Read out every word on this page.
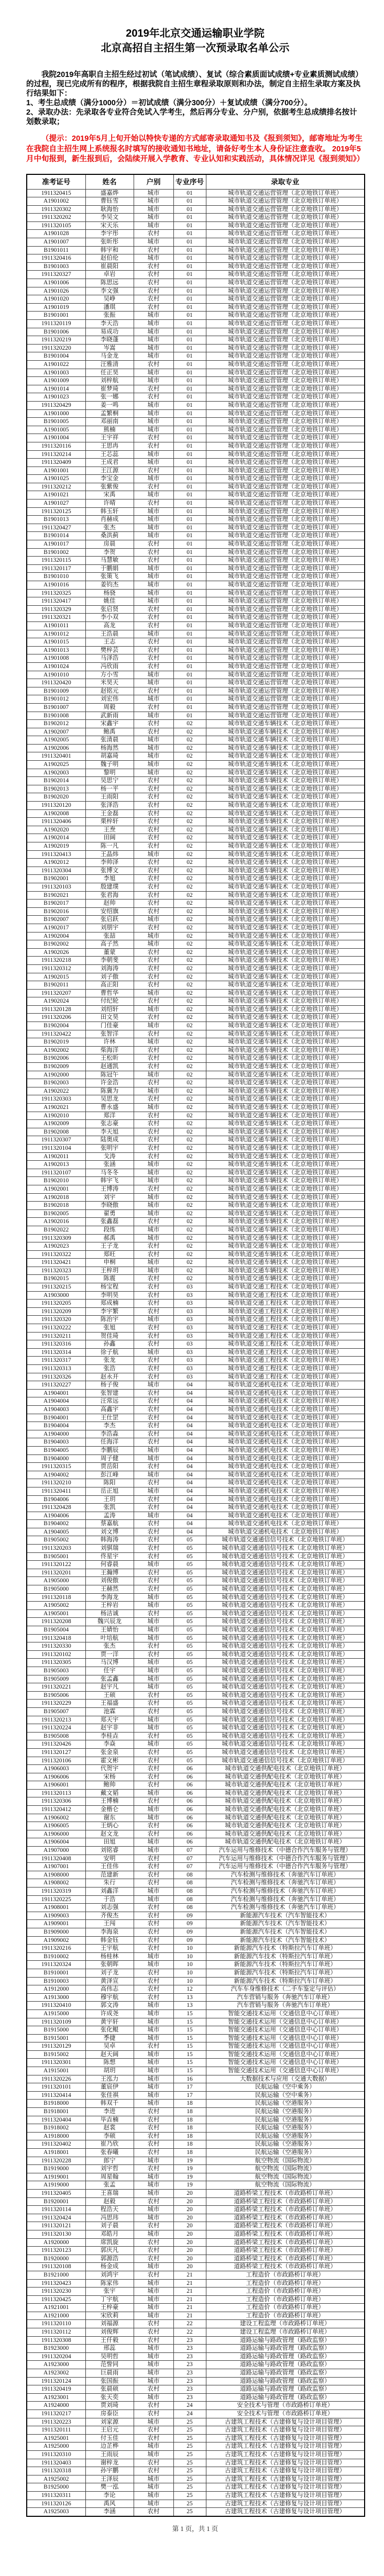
2019年北京交通运输职业学院
北京高招自主招生第一次预录取名单公示

我院2019年高职自主招生经过初试（笔试成绩）、复试（综合素质面试成绩+专业素质测试成绩）的过程，现已完成所有的程序，根据我院自主招生章程录取原则和办法，制定自主招生录取方案及执行结果如下：

1、考生总成绩（满分1000分）＝初试成绩（满分300分）＋复试成绩（满分700分）。

2、录取办法：先录取各专业符合免试入学考生，然后再分专业、分户别，依据考生总成绩排名按计划数录取；

（提示：2019年5月上旬开始以特快专递的方式邮寄录取通知书及《报到须知》，邮寄地址为考生在我院自主招生网上系统报名时填写的接收通知书地址，请备好考生本人身份证注意查收。 2019年5月中旬报到，新生报到后，会陆续开展入学教育、专业认知和实践活动，具体情况详见《报到须知》）

准考证号	姓名	户别	专业序号	录取专业
1911320415	盛嘉烨	城市	01	城市轨道交通运营管理（北京地铁订单班）
A1901002	曹钰雪	城市	01	城市轨道交通运营管理（北京地铁订单班）
1911320302	耿海怡	城市	01	城市轨道交通运营管理（北京地铁订单班）
1911320202	李吴文	城市	01	城市轨道交通运营管理（北京地铁订单班）
1911320105	宋天乐	城市	01	城市轨道交通运营管理（北京地铁订单班）
A1901028	李宇彤	农村	01	城市轨道交通运营管理（北京地铁订单班）
A1901007	张昕彤	城市	01	城市轨道交通运营管理（北京地铁订单班）
B1901011	韩宇和	农村	01	城市轨道交通运营管理（北京地铁订单班）
1911320416	赵伯伦	城市	01	城市轨道交通运营管理（北京地铁订单班）
B1901003	崔晨阳	农村	01	城市轨道交通运营管理（北京地铁订单班）
1911320327	卓岩	农村	01	城市轨道交通运营管理（北京地铁订单班）
A1901006	陈思远	农村	01	城市轨道交通运营管理（北京地铁订单班）
A1901026	李文强	农村	01	城市轨道交通运营管理（北京地铁订单班）
A1901020	吴峥	农村	01	城市轨道交通运营管理（北京地铁订单班）
A1901019	潘琪	农村	01	城市轨道交通运营管理（北京地铁订单班）
B1901001	张振	城市	01	城市轨道交通运营管理（北京地铁订单班）
1911320119	李天浩	城市	01	城市轨道交通运营管理（北京地铁订单班）
B1901006	易成功	城市	01	城市轨道交通运营管理（北京地铁订单班）
1911320219	李晓蓬	城市	01	城市轨道交通运营管理（北京地铁订单班）
1911320220	岑嵩	城市	01	城市轨道交通运营管理（北京地铁订单班）
B1901004	马金龙	城市	01	城市轨道交通运营管理（北京地铁订单班）
A1901022	汪雅清	农村	01	城市轨道交通运营管理（北京地铁订单班）
A1901003	任正昊	城市	01	城市轨道交通运营管理（北京地铁订单班）
A1901009	刘梓航	城市	01	城市轨道交通运营管理（北京地铁订单班）
A1901014	崔梦琦	农村	01	城市轨道交通运营管理（北京地铁订单班）
A1901023	张一娜	农村	01	城市轨道交通运营管理（北京地铁订单班）
1911320429	姜一鸣	城市	01	城市轨道交通运营管理（北京地铁订单班）
A1901000	孟繁桐	城市	01	城市轨道交通运营管理（北京地铁订单班）
B1901005	邓丽南	城市	01	城市轨道交通运营管理（北京地铁订单班）
A1901005	熊楠	城市	01	城市轨道交通运营管理（北京地铁订单班）
A1901004	王宇祥	农村	01	城市轨道交通运营管理（北京地铁订单班）
1911320116	王思冉	农村	01	城市轨道交通运营管理（北京地铁订单班）
1911320214	王芯蕊	城市	01	城市轨道交通运营管理（北京地铁订单班）
1911320409	王成君	城市	01	城市轨道交通运营管理（北京地铁订单班）
A1901001	王江源	农村	01	城市轨道交通运营管理（北京地铁订单班）
A1901025	李宝金	城市	01	城市轨道交通运营管理（北京地铁订单班）
1911320212	张紫俊	农村	01	城市轨道交通运营管理（北京地铁订单班）
A1901021	宋禹	城市	01	城市轨道交通运营管理（北京地铁订单班）
A1901027	许晴	农村	01	城市轨道交通运营管理（北京地铁订单班）
1911320125	韩玉轩	城市	01	城市轨道交通运营管理（北京地铁订单班）
B1901013	肖赫成	城市	01	城市轨道交通运营管理（北京地铁订单班）
1911320427	张杰	城市	01	城市轨道交通运营管理（北京地铁订单班）
B1901014	桑洪蓟	城市	01	城市轨道交通运营管理（北京地铁订单班）
A1901017	房晨	农村	01	城市轨道交通运营管理（北京地铁订单班）
B1901002	李贺	农村	01	城市轨道交通运营管理（北京地铁订单班）
1911320115	马慧敏	农村	01	城市轨道交通运营管理（北京地铁订单班）
1911320117	于鹏娟	城市	01	城市轨道交通运营管理（北京地铁订单班）
B1901010	张策飞	城市	01	城市轨道交通运营管理（北京地铁订单班）
A1901016	姜钧杰	城市	01	城市轨道交通运营管理（北京地铁订单班）
1911320325	杨骁	城市	01	城市轨道交通运营管理（北京地铁订单班）
1911320417	姚佳	城市	01	城市轨道交通运营管理（北京地铁订单班）
1911320329	张启贤	农村	01	城市轨道交通运营管理（北京地铁订单班）
1911320321	李小双	农村	01	城市轨道交通运营管理（北京地铁订单班）
A1901011	高龙	农村	01	城市轨道交通运营管理（北京地铁订单班）
A1901012	王浩晨	城市	01	城市轨道交通运营管理（北京地铁订单班）
A1901015	王志	农村	01	城市轨道交通运营管理（北京地铁订单班）
A1901013	樊梓芸	农村	01	城市轨道交通运营管理（北京地铁订单班）
A1901008	马泽浩	农村	01	城市轨道交通运营管理（北京地铁订单班）
A1901024	冯欣雨	农村	01	城市轨道交通运营管理（北京地铁订单班）
A1901010	方小雪	城市	01	城市轨道交通运营管理（北京地铁订单班）
1911320420	米昊天	城市	01	城市轨道交通运营管理（北京地铁订单班）
B1901009	赵铭元	农村	01	城市轨道交通运营管理（北京地铁订单班）
B1901012	刘宏伟	城市	01	城市轨道交通运营管理（北京地铁订单班）
B1901007	周毅	农村	01	城市轨道交通运营管理（北京地铁订单班）
B1901008	武新雨	城市	01	城市轨道交通运营管理（北京地铁订单班）
B1902012	宋鑫宇	农村	02	城市轨道交通车辆技术（北京地铁订单班）
A1902007	鲍禹	农村	02	城市轨道交通车辆技术（北京地铁订单班）
A1902005	张清晨	城市	02	城市轨道交通车辆技术（北京地铁订单班）
A1902006	杨海然	城市	02	城市轨道交通车辆技术（北京地铁订单班）
1911320401	胡嘉琦	城市	02	城市轨道交通车辆技术（北京地铁订单班）
A1902025	魏子明	城市	02	城市轨道交通车辆技术（北京地铁订单班）
A1902003	黎明	城市	02	城市轨道交通车辆技术（北京地铁订单班）
B1902014	吴思宁	农村	02	城市轨道交通车辆技术（北京地铁订单班）
B1902013	杨一平	农村	02	城市轨道交通车辆技术（北京地铁订单班）
B1902020	王雨阳	农村	02	城市轨道交通车辆技术（北京地铁订单班）
1911320120	张泽浩	农村	02	城市轨道交通车辆技术（北京地铁订单班）
A1902008	王金磊	农村	02	城市轨道交通车辆技术（北京地铁订单班）
1911320406	栗梓轩	农村	02	城市轨道交通车辆技术（北京地铁订单班）
A1902020	王焘	农村	02	城市轨道交通车辆技术（北京地铁订单班）
A1902014	田阔	农村	02	城市轨道交通车辆技术（北京地铁订单班）
A1902019	陈一凡	农村	02	城市轨道交通车辆技术（北京地铁订单班）
1911320413	王晶炜	城市	02	城市轨道交通车辆技术（北京地铁订单班）
A1902012	李帅泽	农村	02	城市轨道交通车辆技术（北京地铁订单班）
1911320304	张博文	农村	02	城市轨道交通车辆技术（北京地铁订单班）
B1902001	李旭	农村	02	城市轨道交通车辆技术（北京地铁订单班）
1911320103	殷建璞	农村	02	城市轨道交通车辆技术（北京地铁订单班）
B1902021	张君海	农村	02	城市轨道交通车辆技术（北京地铁订单班）
B1902017	赵帅	农村	02	城市轨道交通车辆技术（北京地铁订单班）
B1902016	安绍旗	农村	02	城市轨道交通车辆技术（北京地铁订单班）
B1902007	张启跃	城市	02	城市轨道交通车辆技术（北京地铁订单班）
A1902017	刘朋宇	农村	02	城市轨道交通车辆技术（北京地铁订单班）
A1902004	张喆	城市	02	城市轨道交通车辆技术（北京地铁订单班）
B1902002	高子然	城市	02	城市轨道交通车辆技术（北京地铁订单班）
A1902026	董蒙	农村	02	城市轨道交通车辆技术（北京地铁订单班）
1911320218	李朝斐	农村	02	城市轨道交通车辆技术（北京地铁订单班）
1911320312	刘海涛	农村	02	城市轨道交通车辆技术（北京地铁订单班）
A1902015	刘子傲	农村	02	城市轨道交通车辆技术（北京地铁订单班）
B1902011	高正阳	农村	02	城市轨道交通车辆技术（北京地铁订单班）
1911320207	曹哲华	城市	02	城市轨道交通车辆技术（北京地铁订单班）
A1902024	付纪轮	农村	02	城市轨道交通车辆技术（北京地铁订单班）
1911320128	刘绍轩	城市	02	城市轨道交通车辆技术（北京地铁订单班）
1911320206	田文昊	农村	02	城市轨道交通车辆技术（北京地铁订单班）
B1902004	门佳豪	城市	02	城市轨道交通车辆技术（北京地铁订单班）
1911320422	张智洋	农村	02	城市轨道交通车辆技术（北京地铁订单班）
B1902019	许林	城市	02	城市轨道交通车辆技术（北京地铁订单班）
A1902002	柴海洋	农村	02	城市轨道交通车辆技术（北京地铁订单班）
B1902006	王松昕	农村	02	城市轨道交通车辆技术（北京地铁订单班）
B1902009	赵通凯	农村	02	城市轨道交通车辆技术（北京地铁订单班）
A1902000	陈冠午	城市	02	城市轨道交通车辆技术（北京地铁订单班）
B1902003	许金浩	农村	02	城市轨道交通车辆技术（北京地铁订单班）
A1902022	陈冀为	城市	02	城市轨道交通车辆技术（北京地铁订单班）
1911320303	吴思龙	农村	02	城市轨道交通车辆技术（北京地铁订单班）
A1902021	曹永盛	城市	02	城市轨道交通车辆技术（北京地铁订单班）
A1902010	郑洋	农村	02	城市轨道交通车辆技术（北京地铁订单班）
A1902009	张志豪	农村	02	城市轨道交通车辆技术（北京地铁订单班）
B1902008	李天旭	农村	02	城市轨道交通车辆技术（北京地铁订单班）
1911320307	陆奥成	农村	02	城市轨道交通车辆技术（北京地铁订单班）
1911320104	张明宇	农村	02	城市轨道交通车辆技术（北京地铁订单班）
A1902011	戈涛	农村	02	城市轨道交通车辆技术（北京地铁订单班）
A1902013	张涵	城市	02	城市轨道交通车辆技术（北京地铁订单班）
1911320107	马冬冬	城市	02	城市轨道交通车辆技术（北京地铁订单班）
B1902010	韩宇飞	城市	02	城市轨道交通车辆技术（北京地铁订单班）
A1902001	王博涛	农村	02	城市轨道交通车辆技术（北京地铁订单班）
A1902018	刘宇	城市	02	城市轨道交通车辆技术（北京地铁订单班）
B1902018	李晓傲	城市	02	城市轨道交通车辆技术（北京地铁订单班）
B1902005	翟勇	城市	02	城市轨道交通车辆技术（北京地铁订单班）
A1902016	张鑫磊	农村	02	城市轨道交通车辆技术（北京地铁订单班）
B1902022	段练	城市	02	城市轨道交通车辆技术（北京地铁订单班）
1911320309	郝禹	城市	02	城市轨道交通车辆技术（北京地铁订单班）
A1902023	王子龙	农村	02	城市轨道交通车辆技术（北京地铁订单班）
1911320322	郑旺	农村	02	城市轨道交通车辆技术（北京地铁订单班）
1911320421	申桐	城市	02	城市轨道交通车辆技术（北京地铁订单班）
1911320323	王梓玥	城市	02	城市轨道交通车辆技术（北京地铁订单班）
B1902015	陈震	农村	02	城市轨道交通车辆技术（北京地铁订单班）
1911320215	杨宝程	农村	03	城市轨道交通工程技术（北京地铁订单班）
A1903000	李明昊	农村	03	城市轨道交通工程技术（北京地铁订单班）
1911320205	郑成楠	农村	03	城市轨道交通工程技术（北京地铁订单班）
1911320209	李宇繁	农村	03	城市轨道交通工程技术（北京地铁订单班）
1911320320	陈治宇	城市	03	城市轨道交通工程技术（北京地铁订单班）
1911320222	张旭	农村	03	城市轨道交通工程技术（北京地铁订单班）
1911320211	贺佳琦	农村	03	城市轨道交通工程技术（北京地铁订单班）
1911320316	孙鑫	农村	03	城市轨道交通工程技术（北京地铁订单班）
1911320314	徐子航	城市	03	城市轨道交通工程技术（北京地铁订单班）
1911320317	张龙	农村	03	城市轨道交通工程技术（北京地铁订单班）
1911320313	张浩	农村	03	城市轨道交通工程技术（北京地铁订单班）
1911320326	赵永开	农村	03	城市轨道交通工程技术（北京地铁订单班）
1911320227	杨子俊	城市	04	城市轨道交通机电技术（北京地铁订单班）
A1904001	张智建	农村	04	城市轨道交通机电技术（北京地铁订单班）
A1904004	汪常远	农村	04	城市轨道交通机电技术（北京地铁订单班）
A1904003	高鑫宇	农村	04	城市轨道交通机电技术（北京地铁订单班）
B1904001	王仕罡	农村	04	城市轨道交通机电技术（北京地铁订单班）
B1904004	李杰	农村	04	城市轨道交通机电技术（北京地铁订单班）
A1904000	李浩淼	农村	04	城市轨道交通机电技术（北京地铁订单班）
B1904003	任海洋	农村	04	城市轨道交通机电技术（北京地铁订单班）
B1904005	李鹏辰	城市	04	城市轨道交通机电技术（北京地铁订单班）
B1904000	周子健	城市	04	城市轨道交通机电技术（北京地铁订单班）
1911320315	贾岳阳	农村	04	城市轨道交通机电技术（北京地铁订单班）
A1904002	彭江峰	城市	04	城市轨道交通机电技术（北京地铁订单班）
1911320210	陈阳	农村	04	城市轨道交通机电技术（北京地铁订单班）
1911320411	岳正旭	城市	04	城市轨道交通机电技术（北京地铁订单班）
B1904006	王玥	农村	04	城市轨道交通机电技术（北京地铁订单班）
1911320428	张凯	农村	04	城市轨道交通机电技术（北京地铁订单班）
A1904006	孟涛	城市	04	城市轨道交通机电技术（北京地铁订单班）
B1904002	蔡嘉航	农村	04	城市轨道交通机电技术（北京地铁订单班）
A1904005	刘文博	农村	04	城市轨道交通机电技术（北京地铁订单班）
B1905002	韩海涛	农村	05	城市轨道交通通信信号技术（北京地铁订单班）
1911320203	刘骐瑞	农村	05	城市轨道交通通信信号技术（北京地铁订单班）
B1905001	佟星宇	农村	05	城市轨道交通通信信号技术（北京地铁订单班）
1911320122	何睿晨	城市	05	城市轨道交通通信信号技术（北京地铁订单班）
1911320201	王瀚博	农村	05	城市轨道交通通信信号技术（北京地铁订单班）
A1905000	刘俊傲	农村	05	城市轨道交通通信信号技术（北京地铁订单班）
B1905000	王赫然	农村	05	城市轨道交通通信信号技术（北京地铁订单班）
1911320118	李海龙	城市	05	城市轨道交通通信信号技术（北京地铁订单班）
A1905002	王梓岩	城市	05	城市轨道交通通信信号技术（北京地铁订单班）
A1905001	杨洁诚	农村	05	城市轨道交通通信信号技术（北京地铁订单班）
1911320208	魏兴辰龙	城市	05	城市轨道交通通信信号技术（北京地铁订单班）
B1905004	王婧怡	城市	05	城市轨道交通通信信号技术（北京地铁订单班）
1911320418	叶培航	城市	05	城市轨道交通通信信号技术（北京地铁订单班）
1911320330	张杰	农村	05	城市轨道交通通信信号技术（北京地铁订单班）
1911320102	贾一洋	农村	05	城市轨道交通通信信号技术（北京地铁订单班）
1911320305	马汉博	城市	05	城市轨道交通通信信号技术（北京地铁订单班）
B1905003	任宇	城市	05	城市轨道交通通信信号技术（北京地铁订单班）
B1905009	张孟鑫	城市	05	城市轨道交通通信信号技术（北京地铁订单班）
1911320221	赵宇凡	城市	05	城市轨道交通通信信号技术（北京地铁订单班）
B1905006	王硕	农村	05	城市轨道交通通信信号技术（北京地铁订单班）
1911320229	王福盛	农村	05	城市轨道交通通信信号技术（北京地铁订单班）
B1905007	池霖	农村	05	城市轨道交通通信信号技术（北京地铁订单班）
1911320213	郑天宇	城市	05	城市轨道交通通信信号技术（北京地铁订单班）
1911320224	赵宇非	城市	05	城市轨道交通通信信号技术（北京地铁订单班）
B1905008	李桂垚	农村	05	城市轨道交通通信信号技术（北京地铁订单班）
1911320426	李焱	城市	05	城市轨道交通通信信号技术（北京地铁订单班）
1911320127	张金泉	农村	05	城市轨道交通通信信号技术（北京地铁订单班）
1911320106	霍文彬	农村	05	城市轨道交通通信信号技术（北京地铁订单班）
A1906003	代贺宇	农村	06	城市轨道交通供配电技术（北京地铁订单班）
A1906006	宋杨	农村	06	城市轨道交通供配电技术（北京地铁订单班）
A1906001	鲍帅	农村	06	城市轨道交通供配电技术（北京地铁订单班）
1911320113	戴文韬	城市	06	城市轨道交通供配电技术（北京地铁订单班）
1911320306	王博楠	农村	06	城市轨道交通供配电技术（北京地铁订单班）
1911320412	金楷仑	城市	06	城市轨道交通供配电技术（北京地铁订单班）
A1906002	谢东	城市	06	城市轨道交通供配电技术（北京地铁订单班）
A1906005	王炳心	农村	06	城市轨道交通供配电技术（北京地铁订单班）
A1906000	赵文龙	农村	06	城市轨道交通供配电技术（北京地铁订单班）
A1906004	田旭	城市	06	城市轨道交通供配电技术（北京地铁订单班）
A1907000	刘铭睿	城市	07	汽车运用与维修技术（中德合作汽车服务与管理）
1911320408	安明	农村	07	汽车运用与维修技术（中德合作汽车服务与管理）
A1907001	王佳伟	农村	07	汽车运用与维修技术（中德合作汽车服务与管理）
A1908000	范建新	农村	08	汽车检测与维修技术（奔驰汽车订单班）
A1908002	朱行	农村	08	汽车检测与维修技术（奔驰汽车订单班）
1911320319	刘鑫洋	城市	08	汽车检测与维修技术（奔驰汽车订单班）
1911320225	于浩	城市	08	汽车检测与维修技术（奔驰汽车订单班）
A1908001	刘志强	农村	08	汽车检测与维修技术（奔驰汽车订单班）
A1909003	齐俊杰	农村	09	新能源汽车技术（汽车智能技术）
A1909001	王闯	农村	09	新能源汽车技术（汽车智能技术）
B1909000	李海泉	农村	09	新能源汽车技术（汽车智能技术）
A1909002	韩金钰	农村	09	新能源汽车技术（汽车智能技术）
1911320216	王宇航	农村	10	新能源汽车技术（特斯拉汽车订单班）
B1910002	杨桂林	城市	10	新能源汽车技术（特斯拉汽车订单班）
1911320324	张朝晖	城市	10	新能源汽车技术（特斯拉汽车订单班）
B1910001	刘子龙	农村	10	新能源汽车技术（特斯拉汽车订单班）
B1910003	黄泽宣	农村	10	新能源汽车技术（特斯拉汽车订单班）
A1912000	高伟志	农村	12	汽车车身维修技术（二手车鉴定与评估）
A1913000	穆宇航	农村	13	汽车营销与服务（奔驰汽车订单班）
1911320410	郭文涛	城市	13	汽车营销与服务（奔驰汽车订单班）
A1915000	许成尧	城市	15	智能交通技术运用（交通信息中心订单班）
1911320109	黄宇轩	城市	15	智能交通技术运用（交通信息中心订单班）
B1915000	张化鲲	城市	15	智能交通技术运用（交通信息中心订单班）
B1915001	季捷	城市	15	智能交通技术运用（交通信息中心订单班）
1911320129	吴卓	农村	15	智能交通技术运用（交通信息中心订单班）
B1915002	赵天阔	城市	15	智能交通技术运用（交通信息中心订单班）
1911320301	陈想	城市	15	智能交通技术运用（交通信息中心订单班）
A1915001	胡玥	城市	15	智能交通技术运用（交通信息中心订单班）
1911320226	王泓力	城市	16	大数据技术与应用（交通大数据）
1911320101	董宸伊	城市	17	民航运输（空中乘务）
1911320414	张佳祺	城市	17	民航运输（空中乘务）
B1918000	韩双千	城市	18	民航运输（空港服务）
B1918001	李进	农村	18	民航运输（空港服务）
1911320404	毕垚楠	农村	18	民航运输（空港服务）
B1918002	赵裳	农村	18	民航运输（空港服务）
A1918000	李硕	农村	18	民航运输（空港服务）
1911320402	崔乃欣	农村	18	民航运输（空港服务）
A1918001	张春曦	农村	18	民航运输（空港服务）
1911320228	郎宁	城市	19	航空物流（国际物流）
B1919000	刘宇哲	农村	19	航空物流（国际物流）
A1919001	周星翰	城市	19	航空物流（国际物流）
A1919000	张孟	城市	19	航空物流（国际物流）
1911320405	王喜瑞	城市	20	道路桥梁工程技术（市政路桥订单班）
B1920001	赵毅	农村	20	道路桥梁工程技术（市政路桥订单班）
1911320114	程浩天	城市	20	道路桥梁工程技术（市政路桥订单班）
1911320424	冯思玮	城市	20	道路桥梁工程技术（市政路桥订单班）
1911320121	刘子晨	农村	20	道路桥梁工程技术（市政路桥订单班）
1911320130	邓皓月	城市	20	道路桥梁工程技术（市政路桥订单班）
A1920000	席凯旋	农村	20	道路桥梁工程技术（市政路桥订单班）
1911320123	郭庆凡	农村	20	道路桥梁工程技术（市政路桥订单班）
B1920000	郭源浩	农村	20	道路桥梁工程技术（市政路桥订单班）
1911320108	杨金成	城市	20	道路桥梁工程技术（市政路桥订单班）
B1921000	刘鸿宇	农村	21	工程造价（市政路桥订单班）
1911320423	陈家伟	城市	21	工程造价（市政路桥订单班）
1911320230	张宇	城市	21	工程造价（市政路桥订单班）
1911320425	丁宇航	城市	21	工程造价（市政路桥订单班）
A1921001	王梓豪	城市	21	工程造价（市政路桥订单班）
A1921000	宋欣莉	城市	21	工程造价（市政路桥订单班）
1911320110	刘福源	农村	22	建设工程监理（市政路桥订单班）
1911320112	刘俊辉	农村	22	建设工程监理（市政路桥订单班）
1911320308	王仟毅	农村	23	道路运输与路政管理（路政监察）
B1923000	邢蕊	城市	23	道路运输与路政管理（路政监察）
1911320204	吴明哲	城市	23	道路运输与路政管理（路政监察）
A1923000	范訾同	城市	23	道路运输与路政管理（路政监察）
A1923002	巨晨雨	城市	23	道路运输与路政管理（路政监察）
1911320124	张国振	城市	23	道路运输与路政管理（路政监察）
1911320419	张晨硕	农村	23	道路运输与路政管理（路政监察）
A1923001	张天奕	城市	23	道路运输与路政管理（路政监察）
A1924000	贾刘琦	农村	24	安全技术与管理（市政路桥订单班）
1911320217	房泰臣	农村	24	安全技术与管理（市政路桥订单班）
1911320223	刘家源	城市	25	古建筑工程技术（古建修复与设计项目管理）
1911320111	王启元	农村	25	古建筑工程技术（古建修复与设计项目管理）
A1925001	付玉佳	农村	25	古建筑工程技术（古建修复与设计项目管理）
A1925000	边芷桦	城市	25	古建筑工程技术（古建修复与设计项目管理）
1911320310	王雨辰	城市	25	古建筑工程技术（古建修复与设计项目管理）
1911320403	谢梓龙	农村	25	古建筑工程技术（古建修复与设计项目管理）
1911320318	孙宇鹏	农村	25	古建筑工程技术（古建修复与设计项目管理）
A1925002	王泽辰	城市	25	古建筑工程技术（古建修复与设计项目管理）
B1925000	樊一泓	城市	25	古建筑工程技术（古建修复与设计项目管理）
1911320311	李论	城市	25	古建筑工程技术（古建修复与设计项目管理）
1911320126	禹风	城市	25	古建筑工程技术（古建修复与设计项目管理）
A1925003	李涵	农村	25	古建筑工程技术（古建修复与设计项目管理）
第 1 页，共 1 页
